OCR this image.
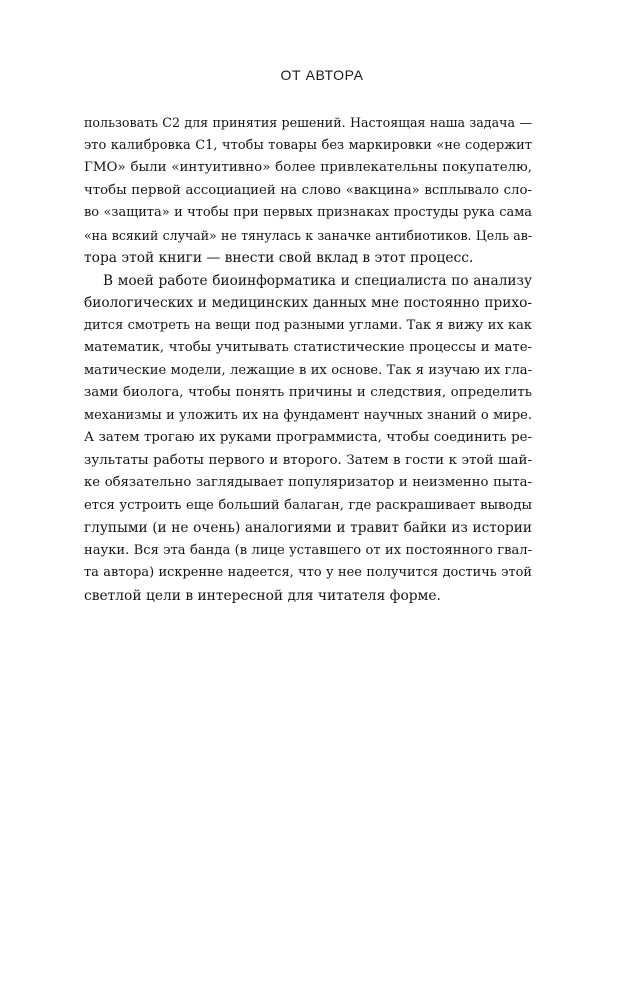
ОТ АВТОРА
пользовать С2 для принятия решений. Настоящая наша задача —
это калибровка С1, чтобы товары без маркировки «не содержит
ГМО» были «интуитивно» более привлекательны покупателю,
чтобы первой ассоциацией на слово «вакцина» всплывало сло-
во «защита» и чтобы при первых признаках простуды рука сама
«на всякий случай» не тянулась к заначке антибиотиков. Цель ав-
тора этой книги — внести свой вклад в этот процесс.
В моей работе биоинформатика и специалиста по анализу
биологических и медицинских данных мне постоянно прихо-
дится смотреть на вещи под разными углами. Так я вижу их как
математик, чтобы учитывать статистические процессы и мате-
матические модели, лежащие в их основе. Так я изучаю их гла-
зами биолога, чтобы понять причины и следствия, определить
механизмы и уложить их на фундамент научных знаний о мире.
А затем трогаю их руками программиста, чтобы соединить ре-
зультаты работы первого и второго. Затем в гости к этой шай-
ке обязательно заглядывает популяризатор и неизменно пыта-
ется устроить еще больший балаган, где раскрашивает выводы
глупыми (и не очень) аналогиями и травит байки из истории
науки. Вся эта банда (в лице уставшего от их постоянного гвал-
та автора) искренне надеется, что у нее получится достичь этой
светлой цели в интересной для читателя форме.
